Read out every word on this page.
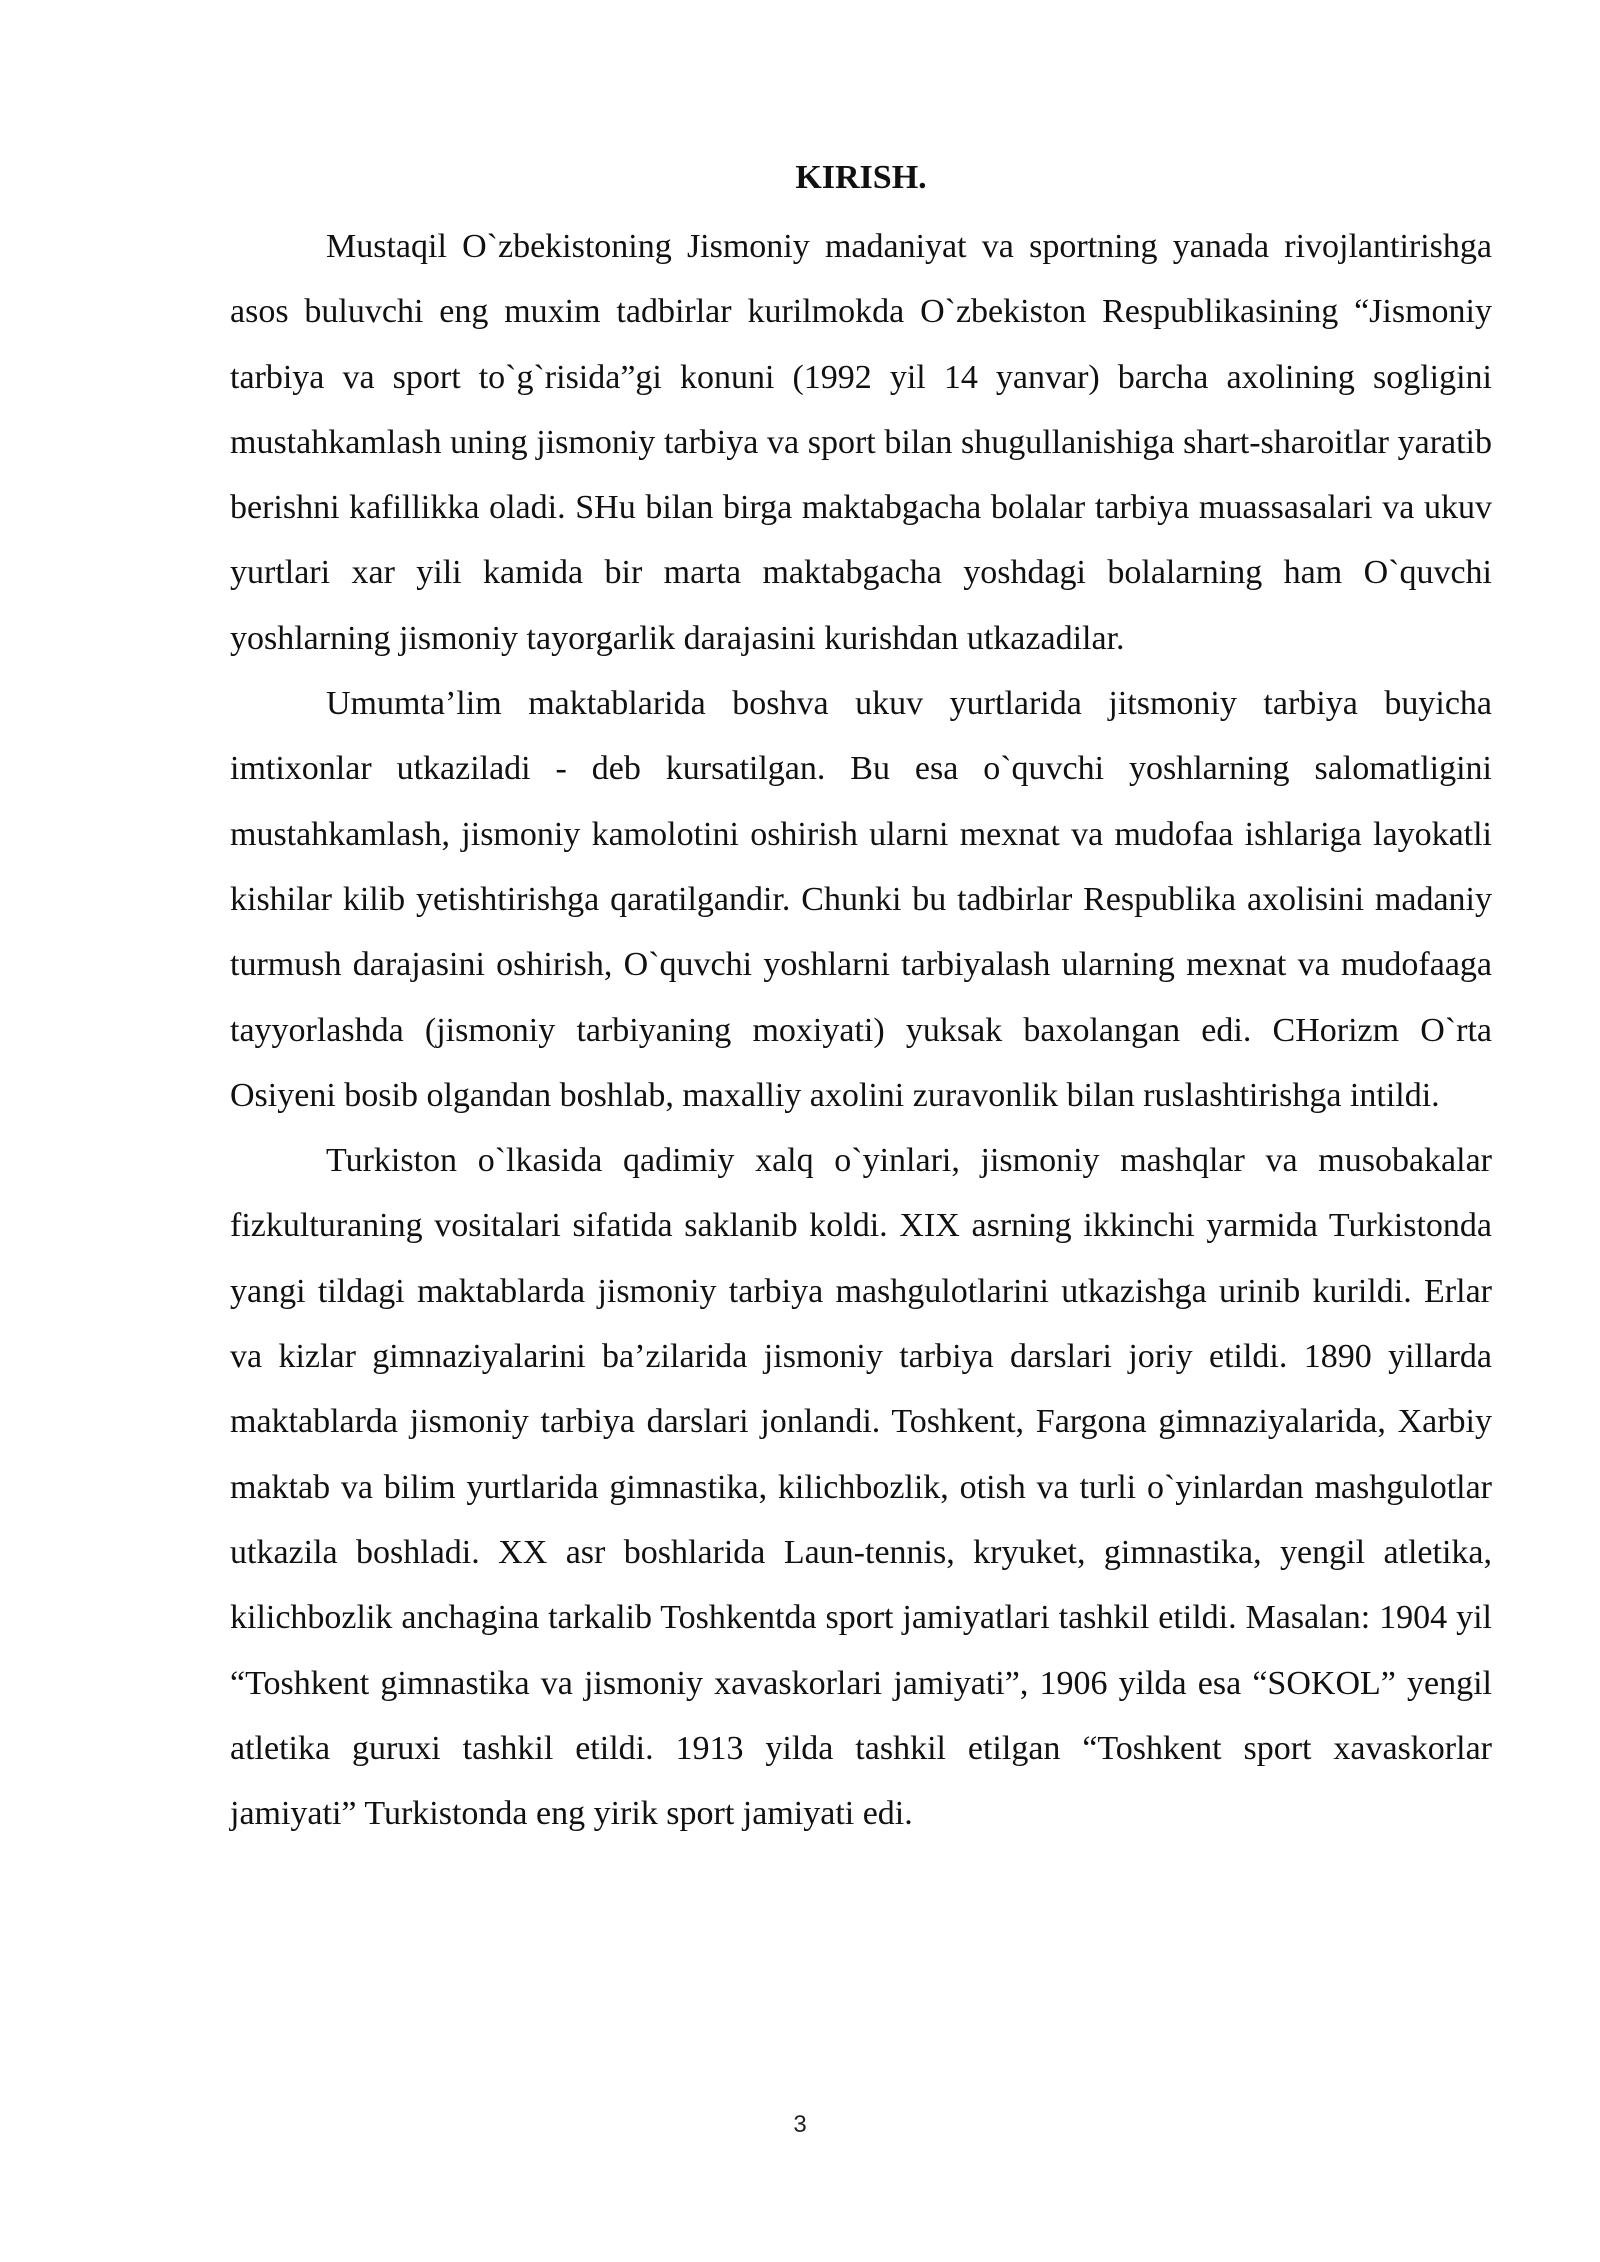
KIRISH.

Mustaqil O`zbekistoning Jismoniy madaniyat va sportning yanada rivojlantirishga asos buluvchi eng muxim tadbirlar kurilmokda O`zbekiston Respublikasining “Jismoniy tarbiya va sport to`g`risida”gi konuni (1992 yil 14 yanvar) barcha axolining sogligini mustahkamlash uning jismoniy tarbiya va sport bilan shugullanishiga shart-sharoitlar yaratib berishni kafillikka oladi. SHu bilan birga maktabgacha bolalar tarbiya muassasalari va ukuv yurtlari xar yili kamida bir marta maktabgacha yoshdagi bolalarning ham O`quvchi yoshlarning jismoniy tayorgarlik darajasini kurishdan utkazadilar.

Umumta’lim maktablarida boshva ukuv yurtlarida jitsmoniy tarbiya buyicha imtixonlar utkaziladi - deb kursatilgan. Bu esa o`quvchi yoshlarning salomatligini mustahkamlash, jismoniy kamolotini oshirish ularni mexnat va mudofaa ishlariga layokatli kishilar kilib yetishtirishga qaratilgandir. Chunki bu tadbirlar Respublika axolisini madaniy turmush darajasini oshirish, O`quvchi yoshlarni tarbiyalash ularning mexnat va mudofaaga tayyorlashda (jismoniy tarbiyaning moxiyati) yuksak baxolangan edi. CHorizm O`rta Osiyeni bosib olgandan boshlab, maxalliy axolini zuravonlik bilan ruslashtirishga intildi.

Turkiston o`lkasida qadimiy xalq o`yinlari, jismoniy mashqlar va musobakalar fizkulturaning vositalari sifatida saklanib koldi. XIX asrning ikkinchi yarmida Turkistonda yangi tildagi maktablarda jismoniy tarbiya mashgulotlarini utkazishga urinib kurildi. Erlar va kizlar gimnaziyalarini ba’zilarida jismoniy tarbiya darslari joriy etildi. 1890 yillarda maktablarda jismoniy tarbiya darslari jonlandi. Toshkent, Fargona gimnaziyalarida, Xarbiy maktab va bilim yurtlarida gimnastika, kilichbozlik, otish va turli o`yinlardan mashgulotlar utkazila boshladi. XX asr boshlarida Laun-tennis, kryuket, gimnastika, yengil atletika, kilichbozlik anchagina tarkalib Toshkentda sport jamiyatlari tashkil etildi. Masalan: 1904 yil “Toshkent gimnastika va jismoniy xavaskorlari jamiyati”, 1906 yilda esa “SOKOL” yengil atletika guruxi tashkil etildi. 1913 yilda tashkil etilgan “Toshkent sport xavaskorlar jamiyati” Turkistonda eng yirik sport jamiyati edi.

3
